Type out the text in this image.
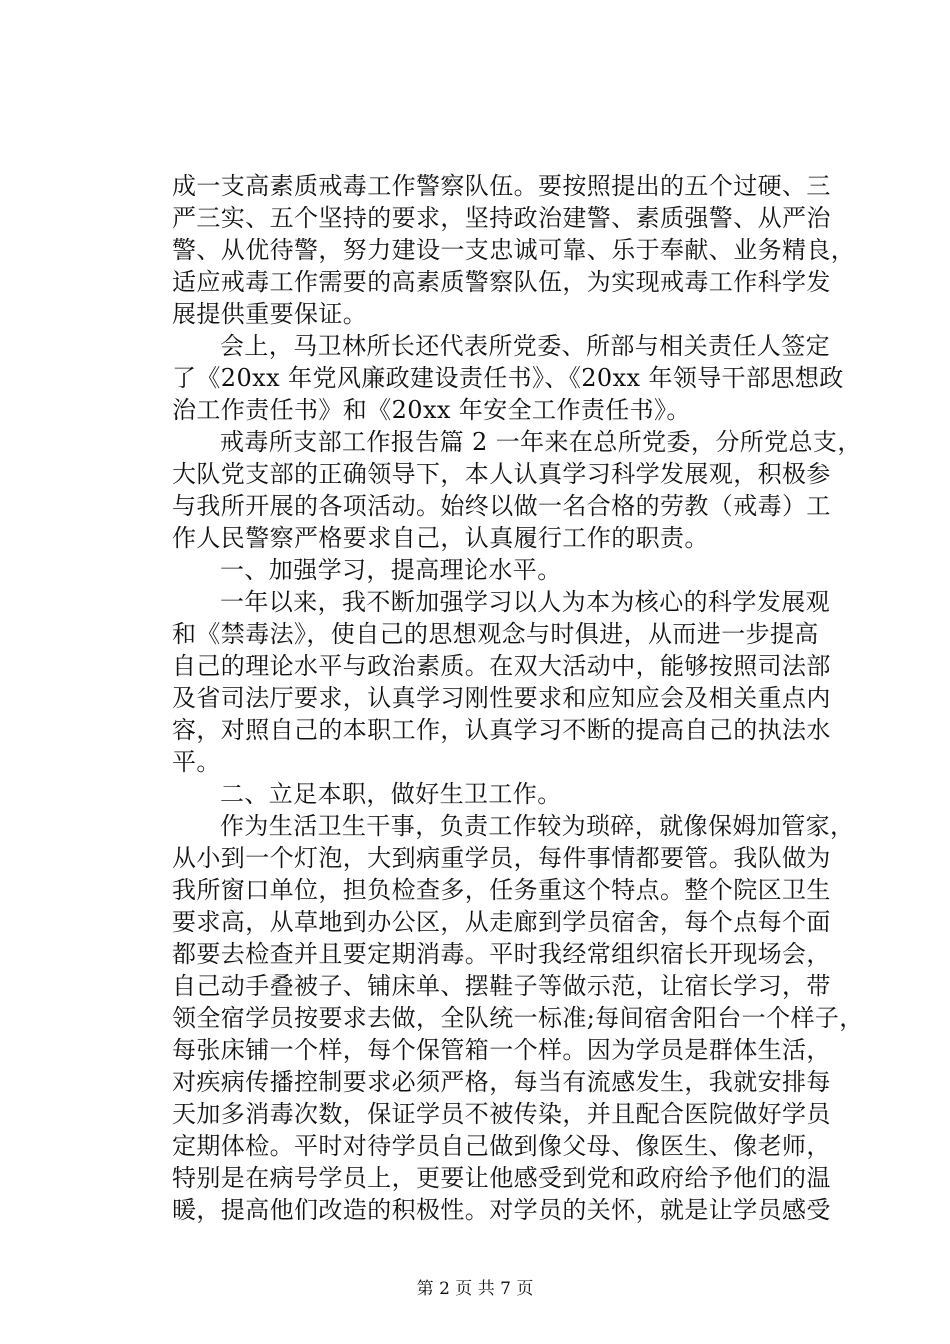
成一支高素质戒毒工作警察队伍。要按照提出的五个过硬、三
严三实、五个坚持的要求，坚持政治建警、素质强警、从严治
警、从优待警，努力建设一支忠诚可靠、乐于奉献、业务精良，
适应戒毒工作需要的高素质警察队伍，为实现戒毒工作科学发
展提供重要保证。
会上，马卫林所长还代表所党委、所部与相关责任人签定
了《20xx 年党风廉政建设责任书》、《20xx 年领导干部思想政
治工作责任书》和《20xx 年安全工作责任书》。
戒毒所支部工作报告篇 2 一年来在总所党委，分所党总支，
大队党支部的正确领导下，本人认真学习科学发展观，积极参
与我所开展的各项活动。始终以做一名合格的劳教（戒毒）工
作人民警察严格要求自己，认真履行工作的职责。
一、加强学习，提高理论水平。
一年以来，我不断加强学习以人为本为核心的科学发展观
和《禁毒法》，使自己的思想观念与时俱进，从而进一步提高
自己的理论水平与政治素质。在双大活动中，能够按照司法部
及省司法厅要求，认真学习刚性要求和应知应会及相关重点内
容，对照自己的本职工作，认真学习不断的提高自己的执法水
平。
二、立足本职，做好生卫工作。
作为生活卫生干事，负责工作较为琐碎，就像保姆加管家，
从小到一个灯泡，大到病重学员，每件事情都要管。我队做为
我所窗口单位，担负检查多，任务重这个特点。整个院区卫生
要求高，从草地到办公区，从走廊到学员宿舍，每个点每个面
都要去检查并且要定期消毒。平时我经常组织宿长开现场会，
自己动手叠被子、铺床单、摆鞋子等做示范，让宿长学习，带
领全宿学员按要求去做，全队统一标准;每间宿舍阳台一个样子，
每张床铺一个样，每个保管箱一个样。因为学员是群体生活，
对疾病传播控制要求必须严格，每当有流感发生，我就安排每
天加多消毒次数，保证学员不被传染，并且配合医院做好学员
定期体检。平时对待学员自己做到像父母、像医生、像老师，
特别是在病号学员上，更要让他感受到党和政府给予他们的温
暖，提高他们改造的积极性。对学员的关怀，就是让学员感受
第 2 页 共 7 页
